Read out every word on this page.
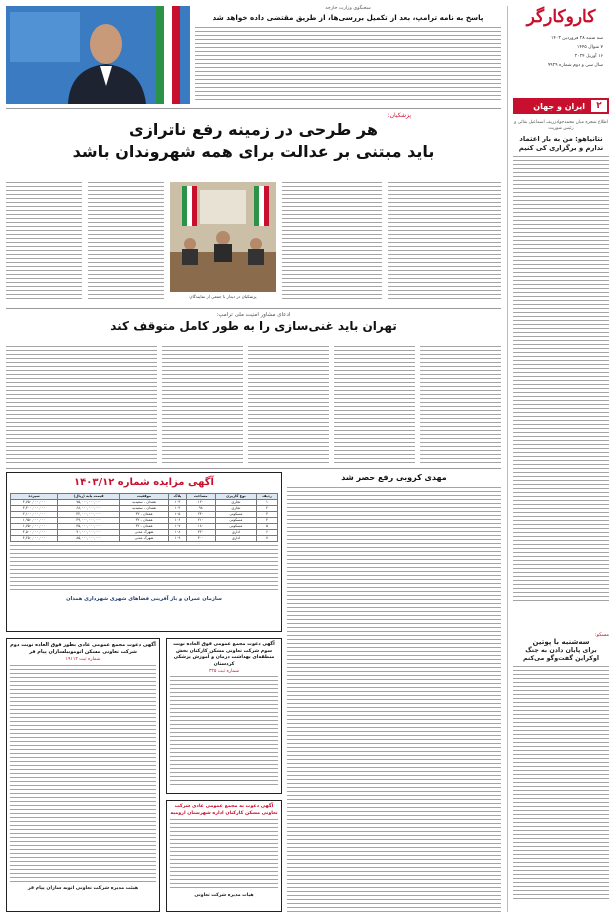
کاروکارگر
سه شنبه ۲۸ فروردین ۱۴۰۳
۷ شوال ۱۴۴۵
۱۶ آوریل ۲۰۲۴
سال سی و دوم شماره ۹۹۲۹
۲
ایران و جهان
اطلاع شجره ميان محمدجواد‌زریف اسماعیل بقائی و رئیس‌ شوریت
نتانیاهو: من به بار اعتماد ندارم و برگزاری کی کنیم
مسکو:
سه‌شنبه با پوتین
برای پایان دادن به جنگ اوکراین گفت‌وگو می‌کنم
سخنگوی وزارت خارجه
پاسخ به نامه ترامپ، بعد از تکمیل بررسی‌ها، از طریق مقتضی داده خواهد شد
پزشکیان:
هر طرحی در زمینه رفع ناترازی
باید مبتنی بر عدالت برای همه شهروندان باشد
پزشکیان در دیدار با جمعی از نمایندگان
ادعای مشاور امنیت ملی ترامپ:
تهران باید غنی‌سازی را به طور کامل متوقف کند
مهدی کروبی رفع حصر شد
آگهی مزایده شماره ۱۴۰۳/۱۲
ردیف	نوع کاربری	مساحت	پلاک	موقعیت	قیمت پایه (ریال)	سپرده
۱	تجاری	۱۲۰	۱۰۳	همدان - سعیدیه	۷۵,۰۰۰,۰۰۰,۰۰۰	۳,۷۵۰,۰۰۰,۰۰۰
۲	تجاری	۹۸	۱۰۴	همدان - سعیدیه	۶۸,۰۰۰,۰۰۰,۰۰۰	۳,۴۰۰,۰۰۰,۰۰۰
۳	مسکونی	۲۴۰	۱۰۵	همدان - ۳۲	۴۲,۰۰۰,۰۰۰,۰۰۰	۲,۱۰۰,۰۰۰,۰۰۰
۴	مسکونی	۲۱۰	۱۰۶	همدان - ۳۲	۳۹,۰۰۰,۰۰۰,۰۰۰	۱,۹۵۰,۰۰۰,۰۰۰
۵	مسکونی	۱۸۰	۱۰۷	همدان - ۳۲	۳۵,۰۰۰,۰۰۰,۰۰۰	۱,۷۵۰,۰۰۰,۰۰۰
۶	اداری	۳۲۰	۱۰۸	شهرک مدنی	۹۰,۰۰۰,۰۰۰,۰۰۰	۴,۵۰۰,۰۰۰,۰۰۰
۷	اداری	۳۰۰	۱۰۹	شهرک مدنی	۸۵,۰۰۰,۰۰۰,۰۰۰	۴,۲۵۰,۰۰۰,۰۰۰
سازمان عمران و باز آفرینی فضاهای شهری شهرداری همدان
آگهی دعوت مجمع عمومی فوق العاده نوبت سوم شرکت تعاونی مسکن کارکنان بخش منطقه‌ای بهداشت درمان و آموزش پزشکی کردستان
شماره ثبت ۳۲۵
آگهی دعوت به مجمع عمومی عادی شرکت تعاونی مسکن کارکنان اداره شهرستان ارومیه
هیات مدیره شرکت تعاونی
آگهی دعوت مجمع عمومی عادی بطور فوق العاده نوبت دوم شرکت تعاونی مسکن اتوموبیلسازان پیام فر
شماره ثبت ۱۹۱۱۲
هیئت مدیره شرکت تعاونی اتوبه سازان پیام فر
